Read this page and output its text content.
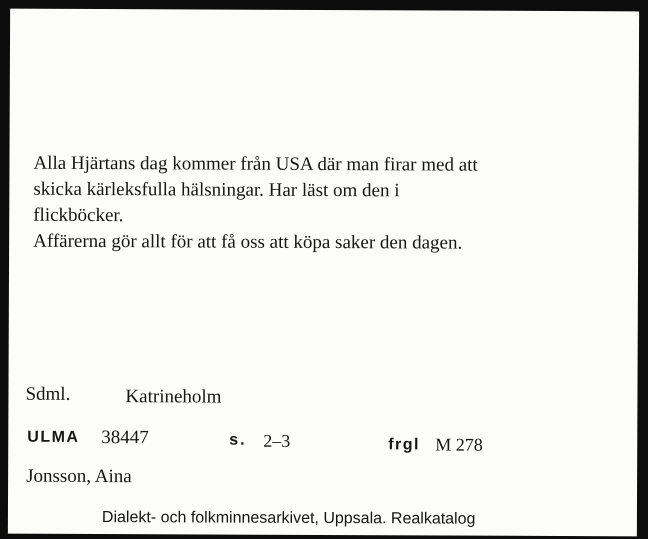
Alla Hjärtans dag kommer från USA där man firar med att

skicka kärleksfulla hälsningar. Har läst om den i

flickböcker.

Affärerna gör allt för att få oss att köpa saker den dagen.

Sdml.	Katrineholm
ULMA 38447	s. 2–3	frgl M 278
Jonsson, Aina
Dialekt- och folkminnesarkivet, Uppsala. Realkatalog
